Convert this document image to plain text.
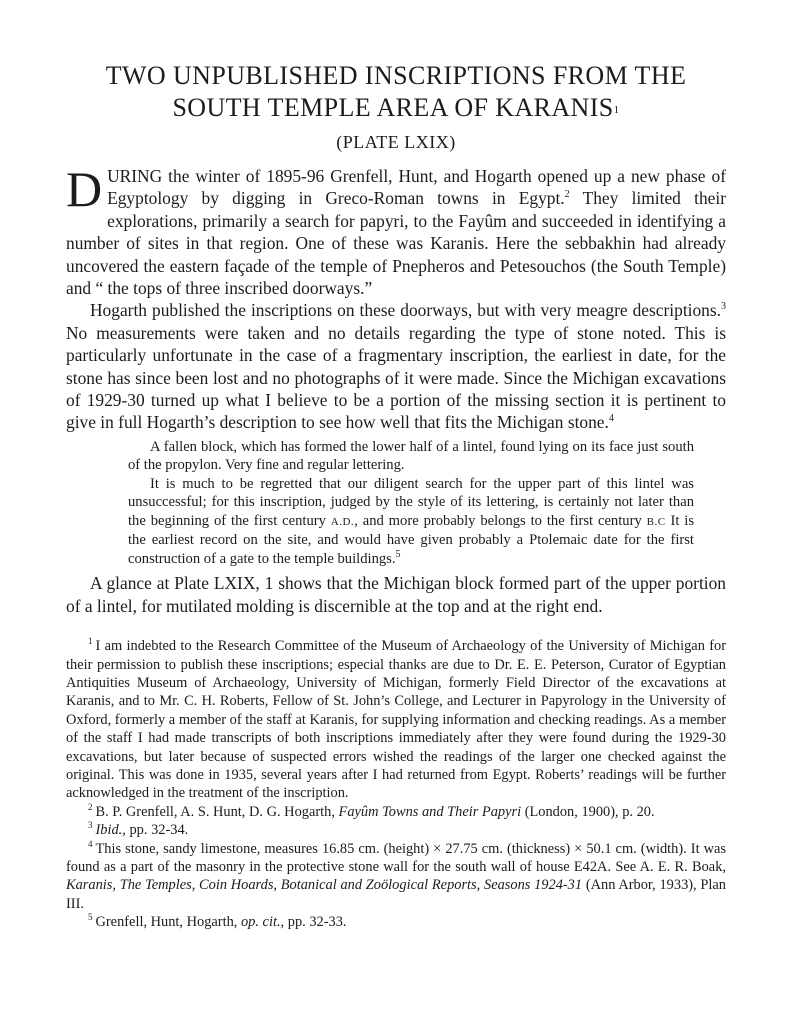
TWO UNPUBLISHED INSCRIPTIONS FROM THE
SOUTH TEMPLE AREA OF KARANIS$^1$
(PLATE LXIX)

DURING the winter of 1895-96 Grenfell, Hunt, and Hogarth opened up a new phase of Egyptology by digging in Greco-Roman towns in Egypt.$^2$ They limited their explorations, primarily a search for papyri, to the Fayûm and succeeded in identifying a number of sites in that region. One of these was Karanis. Here the sebbakhin had already uncovered the eastern façade of the temple of Pnepheros and Petesouchos (the South Temple) and “ the tops of three inscribed doorways.”

Hogarth published the inscriptions on these doorways, but with very meagre descriptions.$^3$ No measurements were taken and no details regarding the type of stone noted. This is particularly unfortunate in the case of a fragmentary inscription, the earliest in date, for the stone has since been lost and no photographs of it were made. Since the Michigan excavations of 1929-30 turned up what I believe to be a portion of the missing section it is pertinent to give in full Hogarth’s description to see how well that fits the Michigan stone.$^4$

A fallen block, which has formed the lower half of a lintel, found lying on its face just south of the propylon. Very fine and regular lettering.

It is much to be regretted that our diligent search for the upper part of this lintel was unsuccessful; for this inscription, judged by the style of its lettering, is certainly not later than the beginning of the first century A.D., and more probably belongs to the first century B.C It is the earliest record on the site, and would have given probably a Ptolemaic date for the first construction of a gate to the temple buildings.$^5$

A glance at Plate LXIX, 1 shows that the Michigan block formed part of the upper portion of a lintel, for mutilated molding is discernible at the top and at the right end.

$^1$ I am indebted to the Research Committee of the Museum of Archaeology of the University of Michigan for their permission to publish these inscriptions; especial thanks are due to Dr. E. E. Peterson, Curator of Egyptian Antiquities Museum of Archaeology, University of Michigan, formerly Field Director of the excavations at Karanis, and to Mr. C. H. Roberts, Fellow of St. John’s College, and Lecturer in Papyrology in the University of Oxford, formerly a member of the staff at Karanis, for supplying information and checking readings. As a member of the staff I had made transcripts of both inscriptions immediately after they were found during the 1929-30 excavations, but later because of suspected errors wished the readings of the larger one checked against the original. This was done in 1935, several years after I had returned from Egypt. Roberts’ readings will be further acknowledged in the treatment of the inscription.

$^2$ B. P. Grenfell, A. S. Hunt, D. G. Hogarth, Fayûm Towns and Their Papyri (London, 1900), p. 20.

$^3$ Ibid., pp. 32-34.

$^4$ This stone, sandy limestone, measures 16.85 cm. (height) × 27.75 cm. (thickness) × 50.1 cm. (width). It was found as a part of the masonry in the protective stone wall for the south wall of house E42A. See A. E. R. Boak, Karanis, The Temples, Coin Hoards, Botanical and Zoölogical Reports, Seasons 1924-31 (Ann Arbor, 1933), Plan III.

$^5$ Grenfell, Hunt, Hogarth, op. cit., pp. 32-33.
